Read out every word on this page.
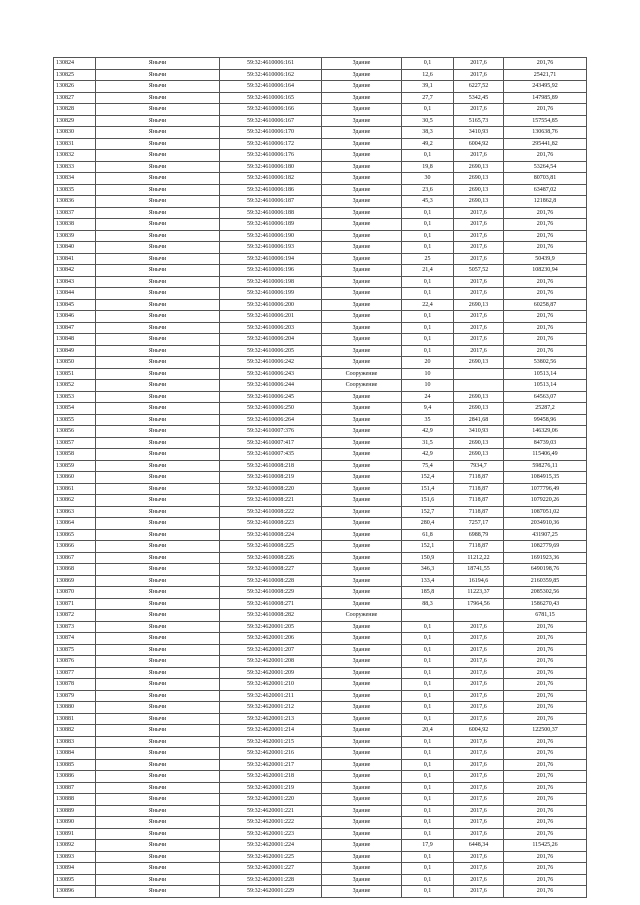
130824	Янычи	59:32:4610006:161	Здание	0,1	2017,6	201,76
130825	Янычи	59:32:4610006:162	Здание	12,6	2017,6	25421,71
130826	Янычи	59:32:4610006:164	Здание	39,1	6227,52	243495,92
130827	Янычи	59:32:4610006:165	Здание	27,7	5342,45	147985,89
130828	Янычи	59:32:4610006:166	Здание	0,1	2017,6	201,76
130829	Янычи	59:32:4610006:167	Здание	30,5	5165,73	157554,85
130830	Янычи	59:32:4610006:170	Здание	38,3	3410,93	130638,76
130831	Янычи	59:32:4610006:172	Здание	49,2	6004,92	295441,82
130832	Янычи	59:32:4610006:176	Здание	0,1	2017,6	201,76
130833	Янычи	59:32:4610006:180	Здание	19,8	2690,13	53264,54
130834	Янычи	59:32:4610006:182	Здание	30	2690,13	80703,81
130835	Янычи	59:32:4610006:186	Здание	23,6	2690,13	63487,02
130836	Янычи	59:32:4610006:187	Здание	45,3	2690,13	121862,8
130837	Янычи	59:32:4610006:188	Здание	0,1	2017,6	201,76
130838	Янычи	59:32:4610006:189	Здание	0,1	2017,6	201,76
130839	Янычи	59:32:4610006:190	Здание	0,1	2017,6	201,76
130840	Янычи	59:32:4610006:193	Здание	0,1	2017,6	201,76
130841	Янычи	59:32:4610006:194	Здание	25	2017,6	50439,9
130842	Янычи	59:32:4610006:196	Здание	21,4	5057,52	108230,94
130843	Янычи	59:32:4610006:198	Здание	0,1	2017,6	201,76
130844	Янычи	59:32:4610006:199	Здание	0,1	2017,6	201,76
130845	Янычи	59:32:4610006:200	Здание	22,4	2690,13	60258,87
130846	Янычи	59:32:4610006:201	Здание	0,1	2017,6	201,76
130847	Янычи	59:32:4610006:203	Здание	0,1	2017,6	201,76
130848	Янычи	59:32:4610006:204	Здание	0,1	2017,6	201,76
130849	Янычи	59:32:4610006:205	Здание	0,1	2017,6	201,76
130850	Янычи	59:32:4610006:242	Здание	20	2690,13	53802,56
130851	Янычи	59:32:4610006:243	Сооружение	10		10513,14
130852	Янычи	59:32:4610006:244	Сооружение	10		10513,14
130853	Янычи	59:32:4610006:245	Здание	24	2690,13	64563,07
130854	Янычи	59:32:4610006:250	Здание	9,4	2690,13	25287,2
130855	Янычи	59:32:4610006:264	Здание	35	2841,68	99458,96
130856	Янычи	59:32:4610007:376	Здание	42,9	3410,93	146329,06
130857	Янычи	59:32:4610007:417	Здание	31,5	2690,13	84739,03
130858	Янычи	59:32:4610007:435	Здание	42,9	2690,13	115406,49
130859	Янычи	59:32:4610008:218	Здание	75,4	7934,7	598276,11
130860	Янычи	59:32:4610008:219	Здание	152,4	7118,87	1084915,35
130861	Янычи	59:32:4610008:220	Здание	151,4	7118,87	1077796,49
130862	Янычи	59:32:4610008:221	Здание	151,6	7118,87	1079220,26
130863	Янычи	59:32:4610008:222	Здание	152,7	7118,87	1087051,02
130864	Янычи	59:32:4610008:223	Здание	280,4	7257,17	2034910,36
130865	Янычи	59:32:4610008:224	Здание	61,8	6988,79	431907,25
130866	Янычи	59:32:4610008:225	Здание	152,1	7118,87	1082779,69
130867	Янычи	59:32:4610008:226	Здание	150,9	11212,22	1691923,36
130868	Янычи	59:32:4610008:227	Здание	346,3	18741,55	6490198,76
130869	Янычи	59:32:4610008:228	Здание	133,4	16194,6	2160359,85
130870	Янычи	59:32:4610008:229	Здание	185,8	11223,37	2085302,56
130871	Янычи	59:32:4610008:271	Здание	88,3	17964,56	1586270,43
130872	Янычи	59:32:4610008:282	Сооружение			6781,15
130873	Янычи	59:32:4620001:205	Здание	0,1	2017,6	201,76
130874	Янычи	59:32:4620001:206	Здание	0,1	2017,6	201,76
130875	Янычи	59:32:4620001:207	Здание	0,1	2017,6	201,76
130876	Янычи	59:32:4620001:208	Здание	0,1	2017,6	201,76
130877	Янычи	59:32:4620001:209	Здание	0,1	2017,6	201,76
130878	Янычи	59:32:4620001:210	Здание	0,1	2017,6	201,76
130879	Янычи	59:32:4620001:211	Здание	0,1	2017,6	201,76
130880	Янычи	59:32:4620001:212	Здание	0,1	2017,6	201,76
130881	Янычи	59:32:4620001:213	Здание	0,1	2017,6	201,76
130882	Янычи	59:32:4620001:214	Здание	20,4	6004,92	122500,37
130883	Янычи	59:32:4620001:215	Здание	0,1	2017,6	201,76
130884	Янычи	59:32:4620001:216	Здание	0,1	2017,6	201,76
130885	Янычи	59:32:4620001:217	Здание	0,1	2017,6	201,76
130886	Янычи	59:32:4620001:218	Здание	0,1	2017,6	201,76
130887	Янычи	59:32:4620001:219	Здание	0,1	2017,6	201,76
130888	Янычи	59:32:4620001:220	Здание	0,1	2017,6	201,76
130889	Янычи	59:32:4620001:221	Здание	0,1	2017,6	201,76
130890	Янычи	59:32:4620001:222	Здание	0,1	2017,6	201,76
130891	Янычи	59:32:4620001:223	Здание	0,1	2017,6	201,76
130892	Янычи	59:32:4620001:224	Здание	17,9	6448,34	115425,26
130893	Янычи	59:32:4620001:225	Здание	0,1	2017,6	201,76
130894	Янычи	59:32:4620001:227	Здание	0,1	2017,6	201,76
130895	Янычи	59:32:4620001:228	Здание	0,1	2017,6	201,76
130896	Янычи	59:32:4620001:229	Здание	0,1	2017,6	201,76
